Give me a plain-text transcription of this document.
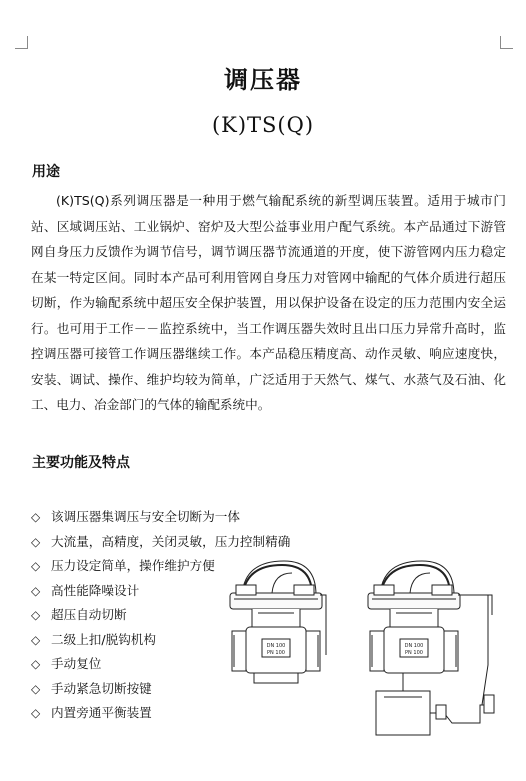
调压器
(K)TS(Q)
用途

(K)TS(Q)系列调压器是一种用于燃气输配系统的新型调压装置。适用于城市门站、区域调压站、工业锅炉、窑炉及大型公益事业用户配气系统。本产品通过下游管网自身压力反馈作为调节信号，调节调压器节流通道的开度，使下游管网内压力稳定在某一特定区间。同时本产品可利用管网自身压力对管网中输配的气体介质进行超压切断，作为输配系统中超压安全保护装置，用以保护设备在设定的压力范围内安全运行。也可用于工作－－监控系统中，当工作调压器失效时且出口压力异常升高时，监控调压器可接管工作调压器继续工作。本产品稳压精度高、动作灵敏、响应速度快，安装、调试、操作、维护均较为简单，广泛适用于天然气、煤气、水蒸气及石油、化工、电力、冶金部门的气体的输配系统中。

主要功能及特点
◇ 该调压器集调压与安全切断为一体
◇ 大流量，高精度，关闭灵敏，压力控制精确
◇ 压力设定简单，操作维护方便
◇ 高性能降噪设计
◇ 超压自动切断
◇ 二级上扣/脱钩机构
◇ 手动复位
◇ 手动紧急切断按键
◇ 内置旁通平衡装置
DN 100
PN 100
DN 100
PN 100
